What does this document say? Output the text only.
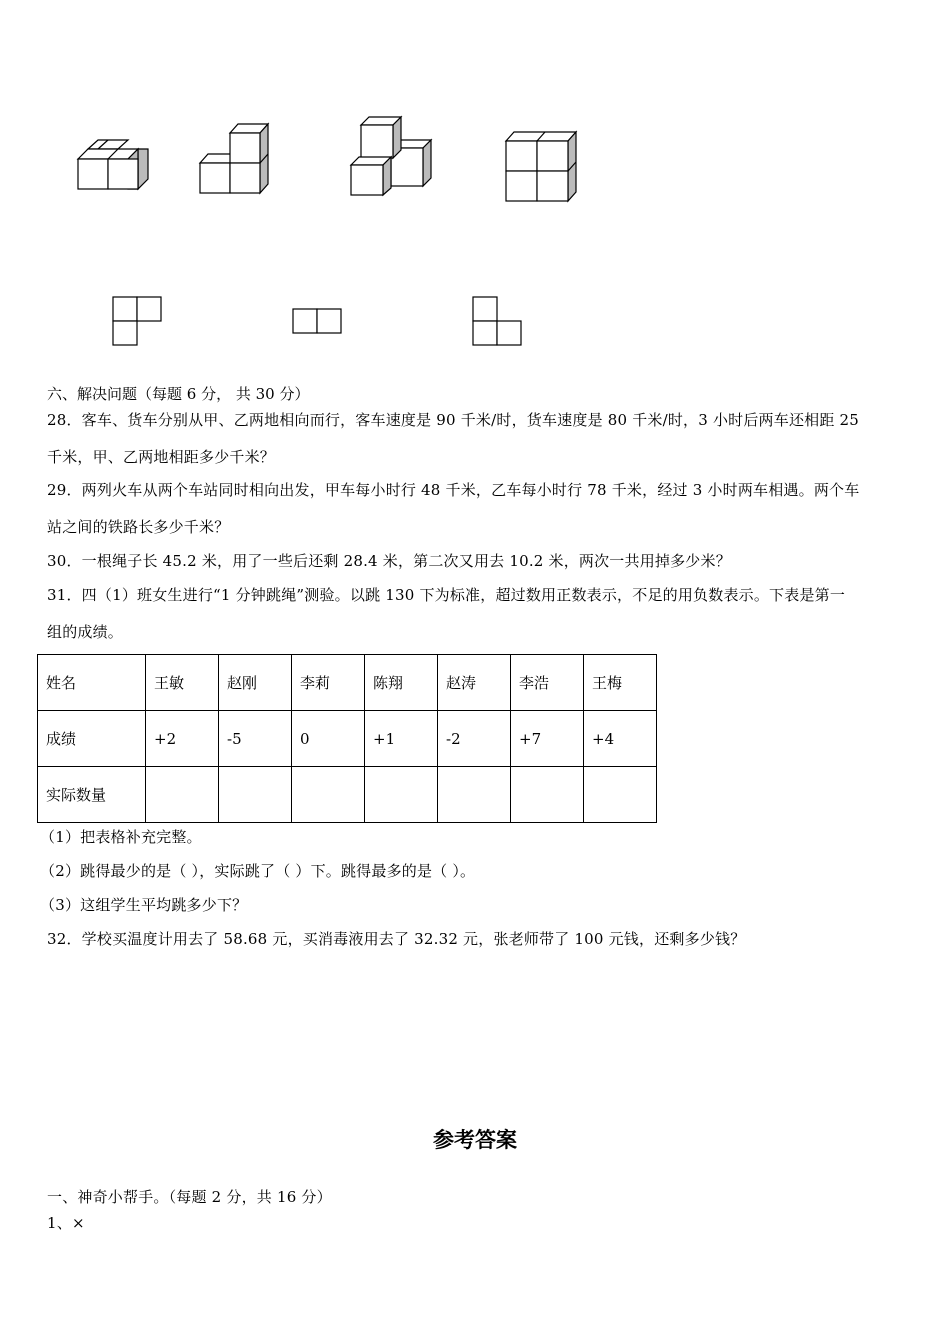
六、解决问题（每题 6 分， 共 30 分）
28．客车、货车分别从甲、乙两地相向而行，客车速度是 90 千米/时，货车速度是 80 千米/时，3 小时后两车还相距 25
千米，甲、乙两地相距多少千米？
29．两列火车从两个车站同时相向出发，甲车每小时行 48 千米，乙车每小时行 78 千米，经过 3 小时两车相遇。两个车
站之间的铁路长多少千米？
30．一根绳子长 45.2 米，用了一些后还剩 28.4 米，第二次又用去 10.2 米，两次一共用掉多少米？
31．四（1）班女生进行“1 分钟跳绳”测验。以跳 130 下为标准，超过数用正数表示，不足的用负数表示。下表是第一
组的成绩。
姓名	王敏	赵刚	李莉	陈翔	赵涛	李浩	王梅
成绩	+2	-5	0	+1	-2	+7	+4
实际数量							
（1）把表格补充完整。
（2）跳得最少的是（ ），实际跳了（ ）下。跳得最多的是（ ）。
（3）这组学生平均跳多少下？
32．学校买温度计用去了 58.68 元，买消毒液用去了 32.32 元，张老师带了 100 元钱，还剩多少钱？
参考答案
一、神奇小帮手。（每题 2 分，共 16 分）
1、×
